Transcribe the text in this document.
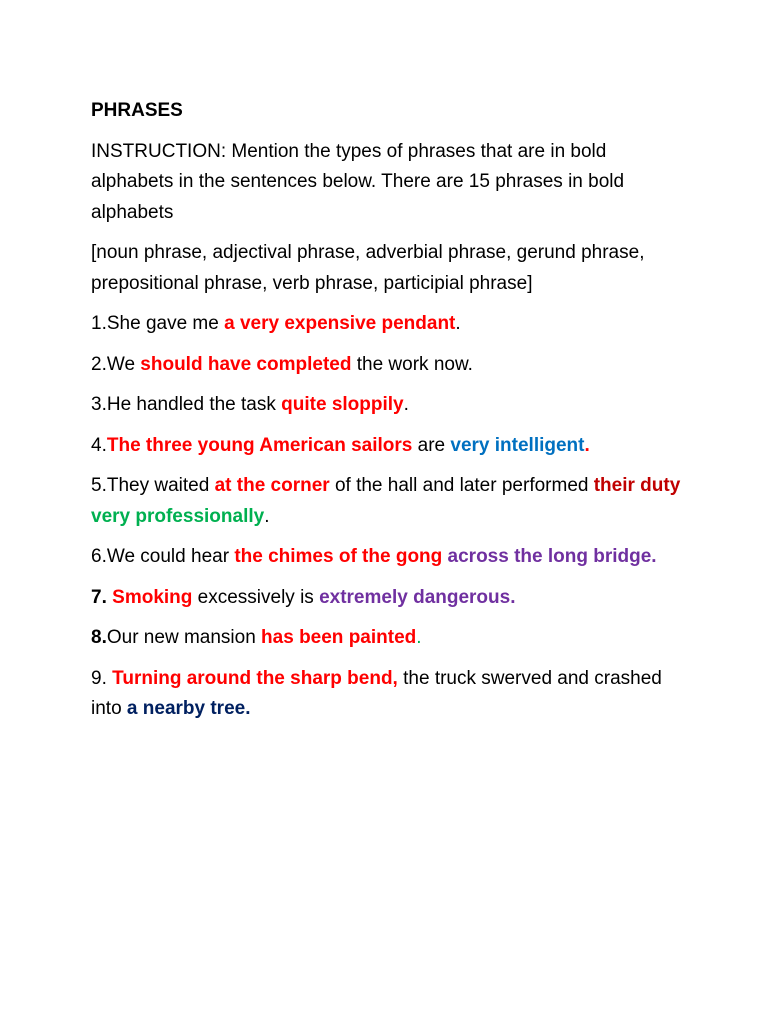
PHRASES
INSTRUCTION: Mention the types of phrases that are in bold alphabets in the sentences below. There are 15 phrases in bold alphabets
[noun phrase, adjectival phrase, adverbial phrase, gerund phrase, prepositional phrase, verb phrase, participial phrase]
1.She gave me a very expensive pendant.
2.We should have completed the work now.
3.He handled the task quite sloppily.
4.The three young American sailors are very intelligent.
5.They waited at the corner of the hall and later performed their duty very professionally.
6.We could hear the chimes of the gong across the long bridge.
7. Smoking excessively is extremely dangerous.
8.Our new mansion has been painted.
9. Turning around the sharp bend, the truck swerved and crashed into a nearby tree.
